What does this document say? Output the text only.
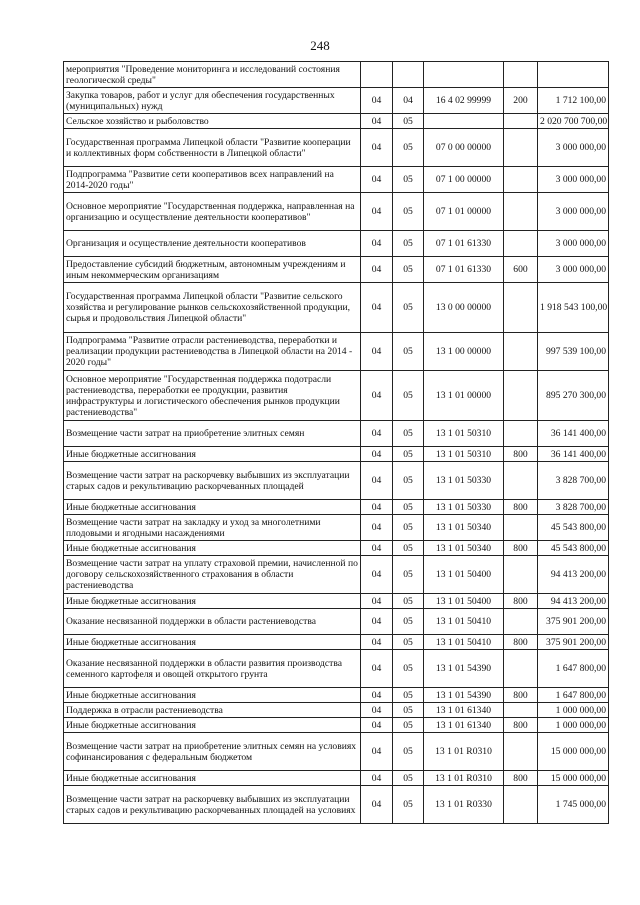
248
мероприятия "Проведение мониторинга и исследований состояния геологической среды"					
Закупка товаров, работ и услуг для обеспечения государственных (муниципальных) нужд	04	04	16 4 02 99999	200	1 712 100,00
Сельское хозяйство и рыболовство	04	05			2 020 700 700,00
Государственная программа Липецкой области "Развитие кооперации и коллективных форм собственности в Липецкой области"	04	05	07 0 00 00000		3 000 000,00
Подпрограмма "Развитие сети кооперативов всех направлений на 2014-2020 годы"	04	05	07 1 00 00000		3 000 000,00
Основное мероприятие "Государственная поддержка, направленная на организацию и осуществление деятельности кооперативов"	04	05	07 1 01 00000		3 000 000,00
Организация и осуществление деятельности кооперативов	04	05	07 1 01 61330		3 000 000,00
Предоставление субсидий бюджетным, автономным учреждениям и иным некоммерческим организациям	04	05	07 1 01 61330	600	3 000 000,00
Государственная программа Липецкой области "Развитие сельского хозяйства и регулирование рынков сельскохозяйственной продукции, сырья и продовольствия Липецкой области"	04	05	13 0 00 00000		1 918 543 100,00
Подпрограмма "Развитие отрасли растениеводства, переработки и реализации продукции растениеводства в Липецкой области на 2014 - 2020 годы"	04	05	13 1 00 00000		997 539 100,00
Основное мероприятие "Государственная поддержка подотрасли растениеводства, переработки ее продукции, развития инфраструктуры и логистического обеспечения рынков продукции растениеводства"	04	05	13 1 01 00000		895 270 300,00
Возмещение части затрат на приобретение элитных семян	04	05	13 1 01 50310		36 141 400,00
Иные бюджетные ассигнования	04	05	13 1 01 50310	800	36 141 400,00
Возмещение части затрат на раскорчевку выбывших из эксплуатации старых садов и рекультивацию раскорчеванных площадей	04	05	13 1 01 50330		3 828 700,00
Иные бюджетные ассигнования	04	05	13 1 01 50330	800	3 828 700,00
Возмещение части затрат на закладку и уход за многолетними плодовыми и ягодными насаждениями	04	05	13 1 01 50340		45 543 800,00
Иные бюджетные ассигнования	04	05	13 1 01 50340	800	45 543 800,00
Возмещение части затрат на уплату страховой премии, начисленной по договору сельскохозяйственного страхования в области растениеводства	04	05	13 1 01 50400		94 413 200,00
Иные бюджетные ассигнования	04	05	13 1 01 50400	800	94 413 200,00
Оказание несвязанной поддержки в области растениеводства	04	05	13 1 01 50410		375 901 200,00
Иные бюджетные ассигнования	04	05	13 1 01 50410	800	375 901 200,00
Оказание несвязанной поддержки в области развития производства семенного картофеля и овощей открытого грунта	04	05	13 1 01 54390		1 647 800,00
Иные бюджетные ассигнования	04	05	13 1 01 54390	800	1 647 800,00
Поддержка в отрасли растениеводства	04	05	13 1 01 61340		1 000 000,00
Иные бюджетные ассигнования	04	05	13 1 01 61340	800	1 000 000,00
Возмещение части затрат на приобретение элитных семян на условиях софинансирования с федеральным бюджетом	04	05	13 1 01 R0310		15 000 000,00
Иные бюджетные ассигнования	04	05	13 1 01 R0310	800	15 000 000,00
Возмещение части затрат на раскорчевку выбывших из эксплуатации старых садов и рекультивацию раскорчеванных площадей на условиях	04	05	13 1 01 R0330		1 745 000,00
